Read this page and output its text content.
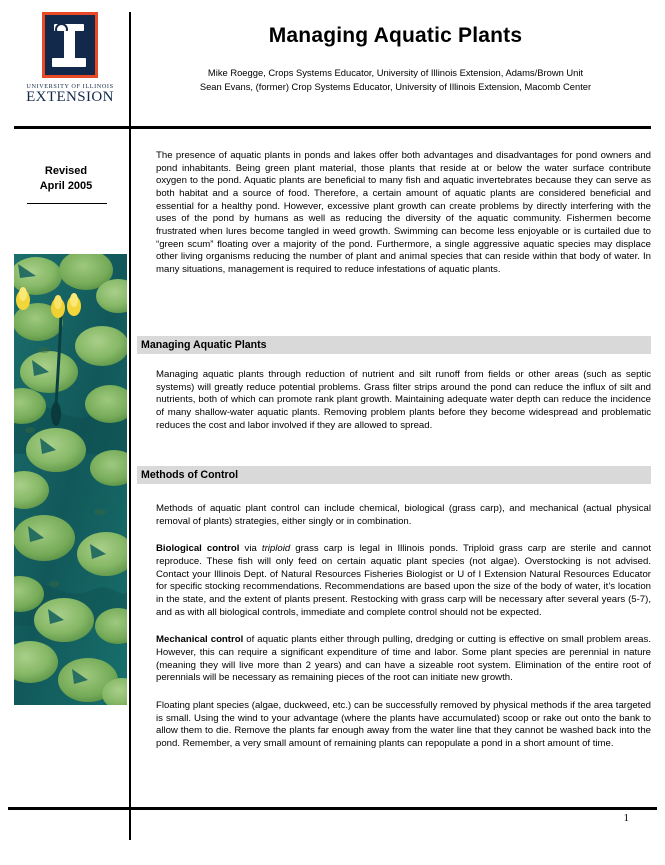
UNIVERSITY OF ILLINOIS
EXTENSION
Managing Aquatic Plants

Mike Roegge, Crops Systems Educator, University of Illinois Extension, Adams/Brown Unit

Sean Evans, (former) Crop Systems Educator, University of Illinois Extension, Macomb Center

Revised
April 2005

The presence of aquatic plants in ponds and lakes offer both advantages and disadvantages for pond owners and pond inhabitants. Being green plant material, those plants that reside at or below the water surface contribute oxygen to the pond. Aquatic plants are beneficial to many fish and aquatic invertebrates because they can serve as both habitat and a source of food. Therefore, a certain amount of aquatic plants are considered beneficial and essential for a healthy pond. However, excessive plant growth can create problems by directly interfering with the uses of the pond by humans as well as reducing the diversity of the aquatic community. Fishermen become frustrated when lures become tangled in weed growth. Swimming can become less enjoyable or is curtailed due to “green scum” floating over a majority of the pond. Furthermore, a single aggressive aquatic species may displace other living organisms reducing the number of plant and animal species that can reside within that body of water. In many situations, management is required to reduce infestations of aquatic plants.

Managing Aquatic Plants

Managing aquatic plants through reduction of nutrient and silt runoff from fields or other areas (such as septic systems) will greatly reduce potential problems. Grass filter strips around the pond can reduce the influx of silt and nutrients, both of which can promote rank plant growth. Maintaining adequate water depth can reduce the incidence of many shallow-water aquatic plants. Removing problem plants before they become widespread and problematic reduces the cost and labor involved if they are allowed to spread.

Methods of Control

Methods of aquatic plant control can include chemical, biological (grass carp), and mechanical (actual physical removal of plants) strategies, either singly or in combination.

Biological control via triploid grass carp is legal in Illinois ponds. Triploid grass carp are sterile and cannot reproduce. These fish will only feed on certain aquatic plant species (not algae). Overstocking is not advised. Contact your Illinois Dept. of Natural Resources Fisheries Biologist or U of I Extension Natural Resources Educator for specific stocking recommendations. Recommendations are based upon the size of the body of water, it’s location in the state, and the extent of plants present. Restocking with grass carp will be necessary after several years (5-7), and as with all biological controls, immediate and complete control should not be expected.

Mechanical control of aquatic plants either through pulling, dredging or cutting is effective on small problem areas. However, this can require a significant expenditure of time and labor. Some plant species are perennial in nature (meaning they will live more than 2 years) and can have a sizeable root system. Elimination of the entire root of perennials will be necessary as remaining pieces of the root can initiate new growth.

Floating plant species (algae, duckweed, etc.) can be successfully removed by physical methods if the area targeted is small. Using the wind to your advantage (where the plants have accumulated) scoop or rake out onto the bank to allow them to die. Remove the plants far enough away from the water line that they cannot be washed back into the pond. Remember, a very small amount of remaining plants can repopulate a pond in a short amount of time.

1
